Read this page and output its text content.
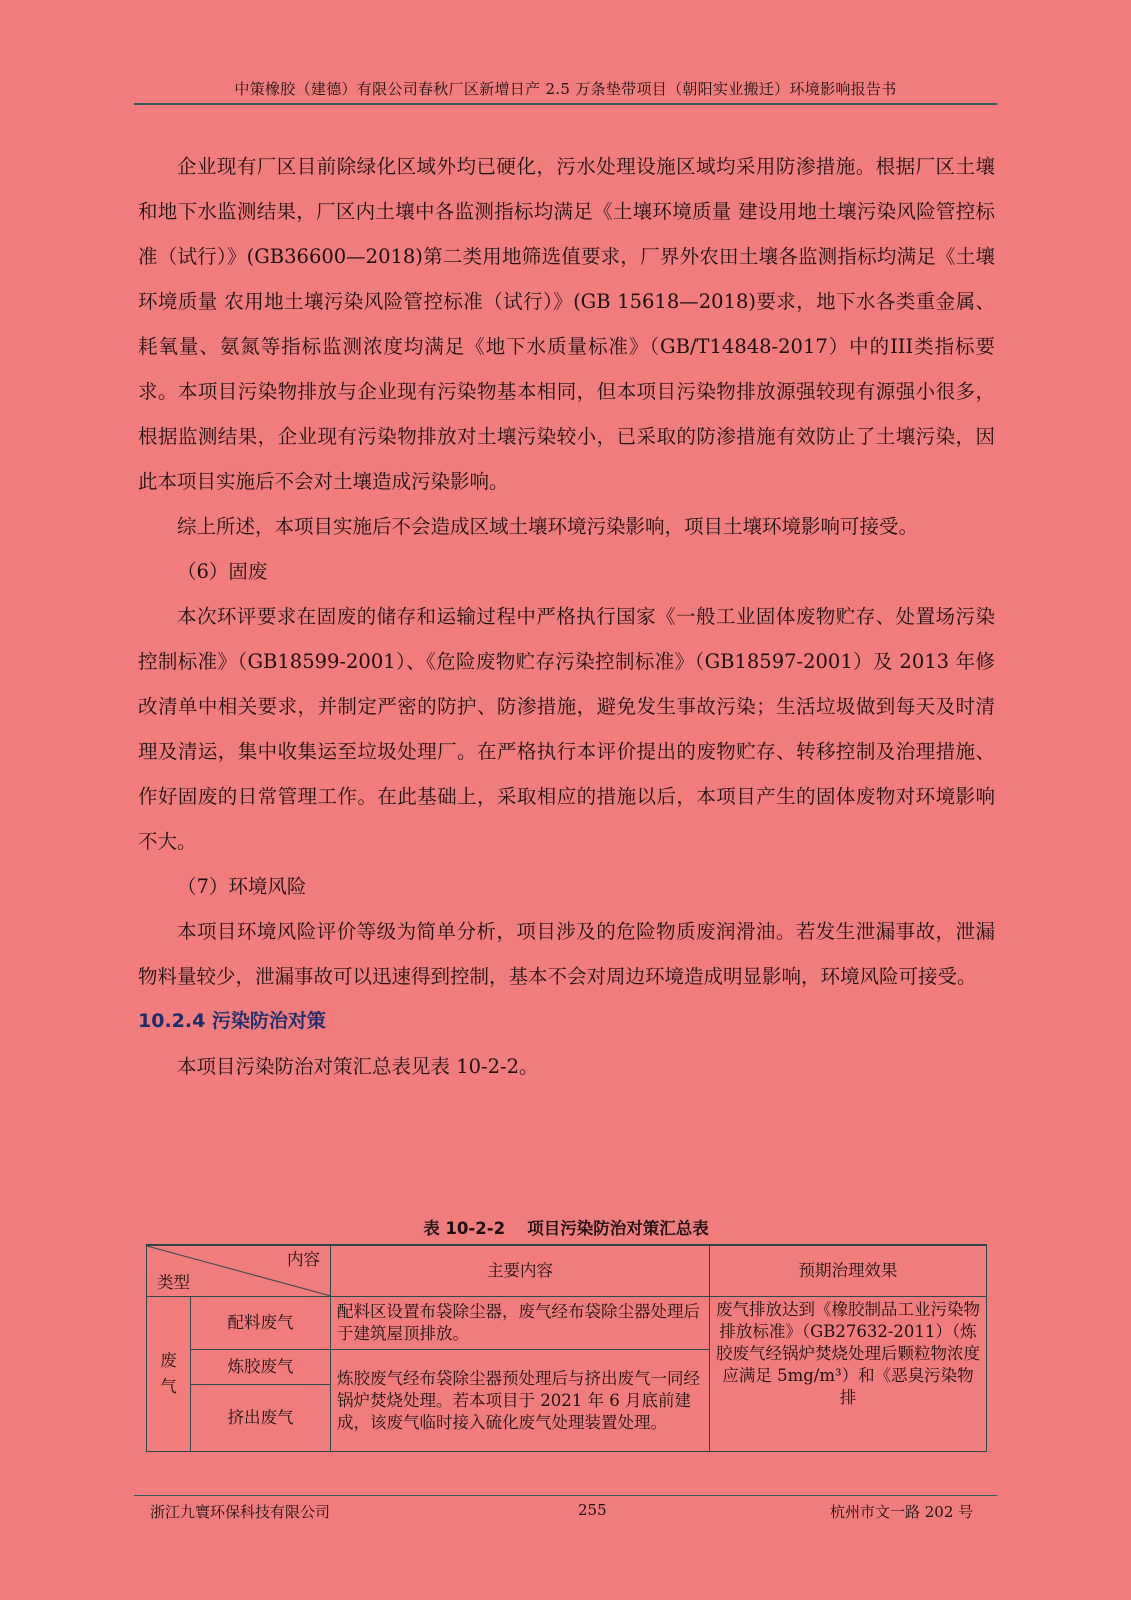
中策橡胶（建德）有限公司春秋厂区新增日产 2.5 万条垫带项目（朝阳实业搬迁）环境影响报告书

企业现有厂区目前除绿化区域外均已硬化，污水处理设施区域均采用防渗措施。根据厂区土壤和地下水监测结果，厂区内土壤中各监测指标均满足《土壤环境质量 建设用地土壤污染风险管控标准（试行）》(GB36600—2018)第二类用地筛选值要求，厂界外农田土壤各监测指标均满足《土壤环境质量 农用地土壤污染风险管控标准（试行）》(GB 15618—2018)要求，地下水各类重金属、耗氧量、氨氮等指标监测浓度均满足《地下水质量标准》（GB/T14848-2017）中的III类指标要求。本项目污染物排放与企业现有污染物基本相同，但本项目污染物排放源强较现有源强小很多，根据监测结果，企业现有污染物排放对土壤污染较小，已采取的防渗措施有效防止了土壤污染，因此本项目实施后不会对土壤造成污染影响。

综上所述，本项目实施后不会造成区域土壤环境污染影响，项目土壤环境影响可接受。

（6）固废

本次环评要求在固废的储存和运输过程中严格执行国家《一般工业固体废物贮存、处置场污染控制标准》（GB18599-2001）、《危险废物贮存污染控制标准》（GB18597-2001）及 2013 年修改清单中相关要求，并制定严密的防护、防渗措施，避免发生事故污染；生活垃圾做到每天及时清理及清运，集中收集运至垃圾处理厂。在严格执行本评价提出的废物贮存、转移控制及治理措施、作好固废的日常管理工作。在此基础上，采取相应的措施以后，本项目产生的固体废物对环境影响不大。

（7）环境风险

本项目环境风险评价等级为简单分析，项目涉及的危险物质废润滑油。若发生泄漏事故，泄漏物料量较少，泄漏事故可以迅速得到控制，基本不会对周边环境造成明显影响，环境风险可接受。

10.2.4 污染防治对策

本项目污染防治对策汇总表见表 10-2-2。

表 10-2-2　 项目污染防治对策汇总表
内容
类型		主要内容	预期治理效果
废气	配料废气	配料区设置布袋除尘器，废气经布袋除尘器处理后于建筑屋顶排放。	废气排放达到《橡胶制品工业污染物排放标准》（GB27632-2011）（炼胶废气经锅炉焚烧处理后颗粒物浓度应满足 5mg/m³）和《恶臭污染物排
	炼胶废气	炼胶废气经布袋除尘器预处理后与挤出废气一同经锅炉焚烧处理。若本项目于 2021 年 6 月底前建成，该废气临时接入硫化废气处理装置处理。	
	挤出废气		
浙江九寰环保科技有限公司	255	杭州市文一路 202 号
